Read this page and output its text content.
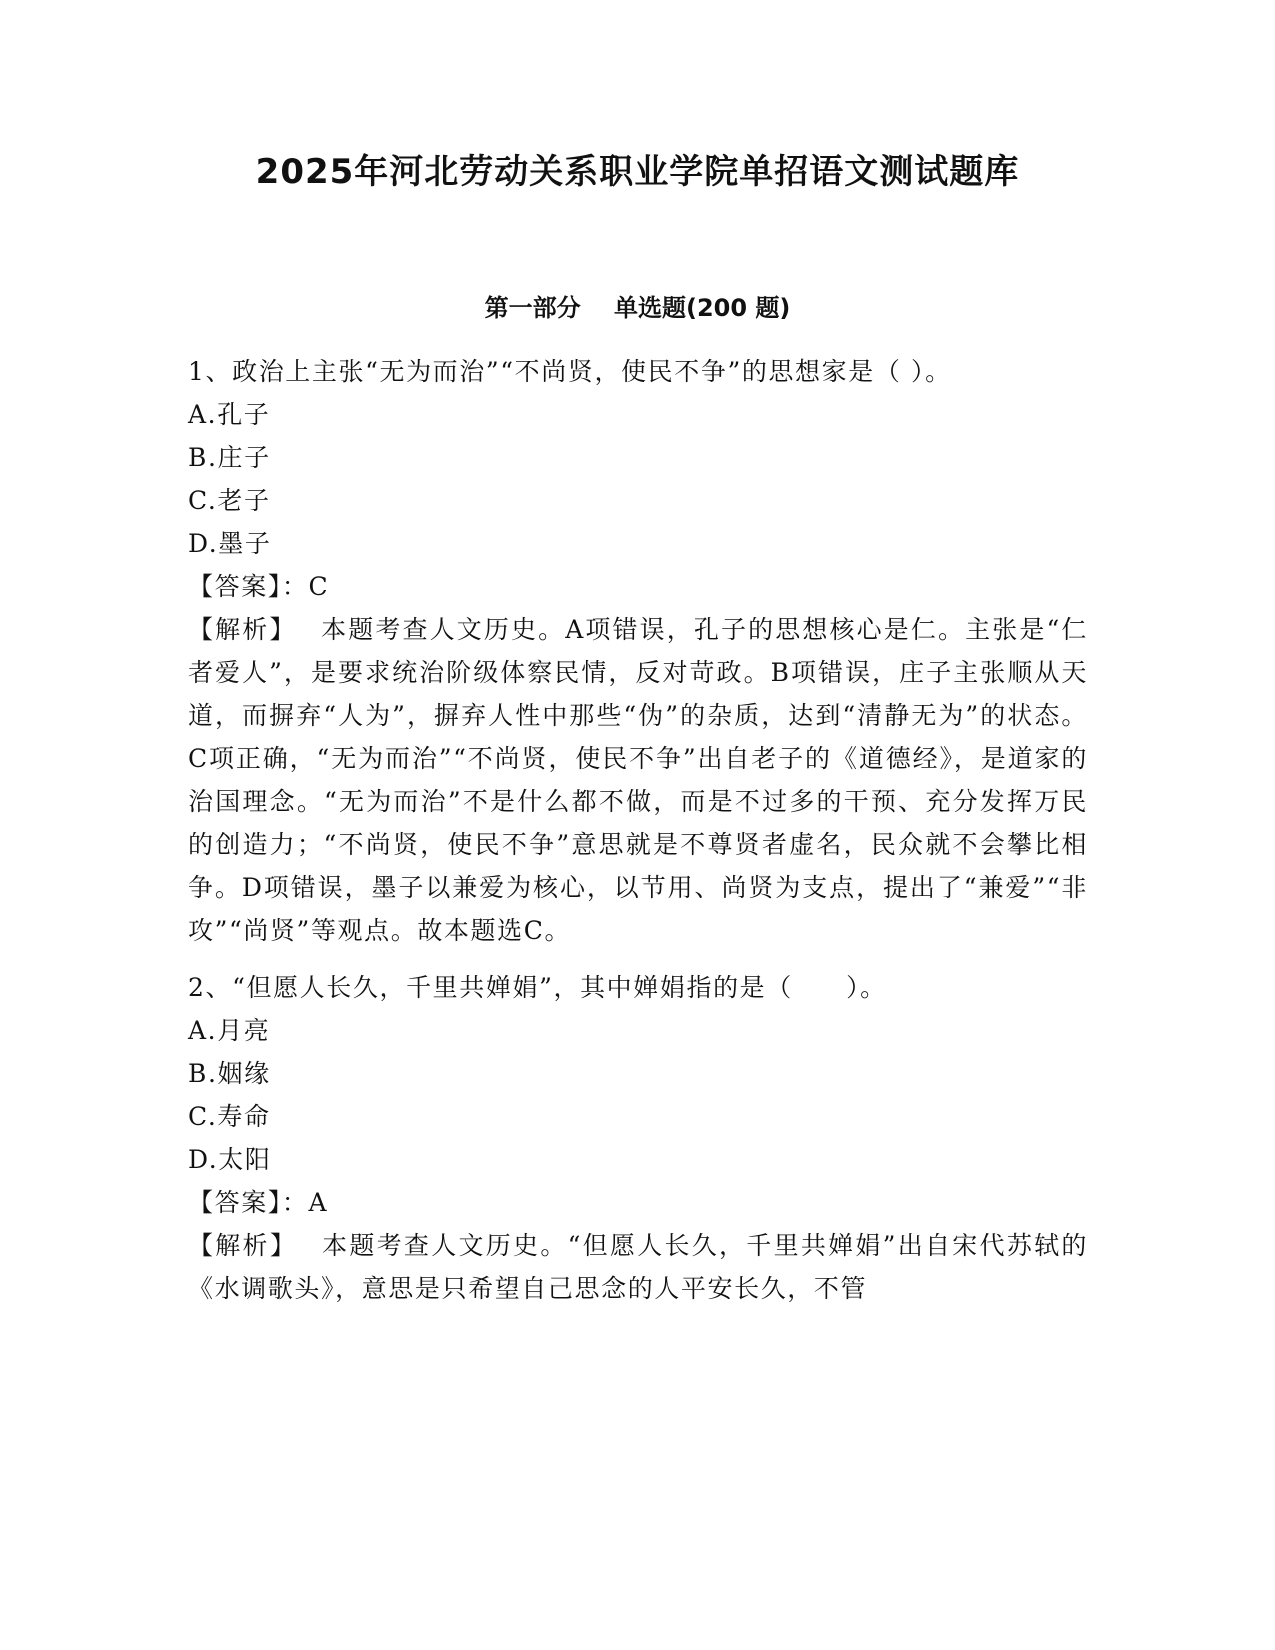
2025年河北劳动关系职业学院单招语文测试题库
第一部分    单选题(200 题)

1、政治上主张“无为而治”“不尚贤，使民不争”的思想家是（ ）。

A.孔子

B.庄子

C.老子

D.墨子

【答案】：C

【解析】　 本题考查人文历史。A项错误，孔子的思想核心是仁。主张是“仁者爱人”，是要求统治阶级体察民情，反对苛政。B项错误，庄子主张顺从天道，而摒弃“人为”，摒弃人性中那些“伪”的杂质，达到“清静无为”的状态。C项正确，“无为而治”“不尚贤，使民不争”出自老子的《道德经》，是道家的治国理念。“无为而治”不是什么都不做，而是不过多的干预、充分发挥万民的创造力；“不尚贤，使民不争”意思就是不尊贤者虚名，民众就不会攀比相争。D项错误，墨子以兼爱为核心，以节用、尚贤为支点，提出了“兼爱”“非攻”“尚贤”等观点。故本题选C。

2、“但愿人长久，千里共婵娟”，其中婵娟指的是（　　）。

A.月亮

B.姻缘

C.寿命

D.太阳

【答案】：A

【解析】　 本题考查人文历史。“但愿人长久，千里共婵娟”出自宋代苏轼的《水调歌头》，意思是只希望自己思念的人平安长久，不管
